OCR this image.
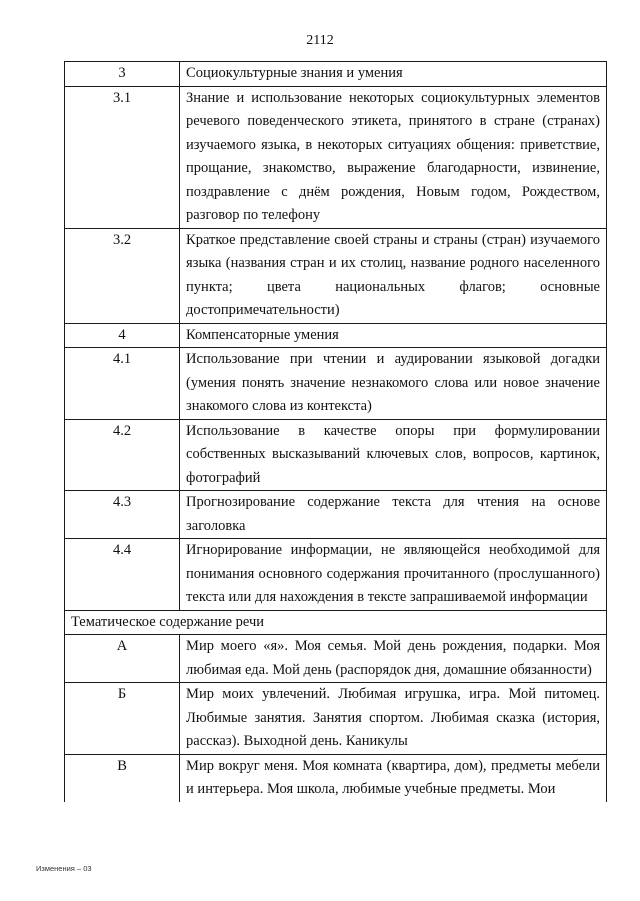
2112
3	Социокультурные знания и умения
3.1	Знание и использование некоторых социокультурных элементов речевого поведенческого этикета, принятого в стране (странах) изучаемого языка, в некоторых ситуациях общения: приветствие, прощание, знакомство, выражение благодарности, извинение, поздравление с днём рождения, Новым годом, Рождеством, разговор по телефону
3.2	Краткое представление своей страны и страны (стран) изучаемого языка (названия стран и их столиц, название родного населенного пункта; цвета национальных флагов; основные достопримечательности)
4	Компенсаторные умения
4.1	Использование при чтении и аудировании языковой догадки (умения понять значение незнакомого слова или новое значение знакомого слова из контекста)
4.2	Использование в качестве опоры при формулировании собственных высказываний ключевых слов, вопросов, картинок, фотографий
4.3	Прогнозирование содержание текста для чтения на основе заголовка
4.4	Игнорирование информации, не являющейся необходимой для понимания основного содержания прочитанного (прослушанного) текста или для нахождения в тексте запрашиваемой информации
Тематическое содержание речи	
А	Мир моего «я». Моя семья. Мой день рождения, подарки. Моя любимая еда. Мой день (распорядок дня, домашние обязанности)
Б	Мир моих увлечений. Любимая игрушка, игра. Мой питомец. Любимые занятия. Занятия спортом. Любимая сказка (история, рассказ). Выходной день. Каникулы
В	Мир вокруг меня. Моя комната (квартира, дом), предметы мебели и интерьера. Моя школа, любимые учебные предметы. Мои
Изменения – 03
